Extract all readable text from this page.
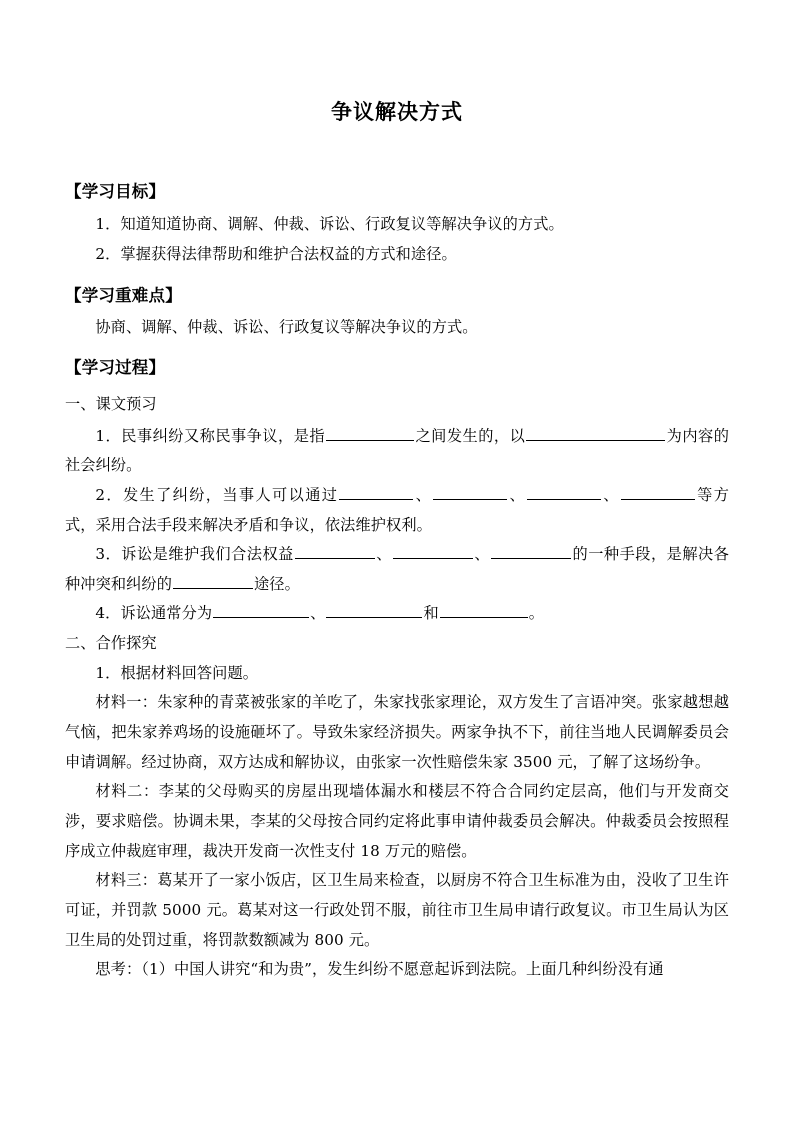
争议解决方式
【学习目标】

1．知道知道协商、调解、仲裁、诉讼、行政复议等解决争议的方式。

2．掌握获得法律帮助和维护合法权益的方式和途径。

【学习重难点】

协商、调解、仲裁、诉讼、行政复议等解决争议的方式。

【学习过程】

一、课文预习

1．民事纠纷又称民事争议，是指	之间发生的，以	为内容的社会纠纷。

2．发生了纠纷，当事人可以通过	、	、	、	等方式，采用合法手段来解决矛盾和争议，依法维护权利。

3．诉讼是维护我们合法权益	、	、	的一种手段，是解决各种冲突和纠纷的	途径。

4．诉讼通常分为	、	和	。

二、合作探究

1．根据材料回答问题。

材料一：朱家种的青菜被张家的羊吃了，朱家找张家理论，双方发生了言语冲突。张家越想越气恼，把朱家养鸡场的设施砸坏了。导致朱家经济损失。两家争执不下，前往当地人民调解委员会申请调解。经过协商，双方达成和解协议，由张家一次性赔偿朱家 3500 元，了解了这场纷争。

材料二：李某的父母购买的房屋出现墙体漏水和楼层不符合合同约定层高，他们与开发商交涉，要求赔偿。协调未果，李某的父母按合同约定将此事申请仲裁委员会解决。仲裁委员会按照程序成立仲裁庭审理，裁决开发商一次性支付 18 万元的赔偿。

材料三：葛某开了一家小饭店，区卫生局来检查，以厨房不符合卫生标准为由，没收了卫生许可证，并罚款 5000 元。葛某对这一行政处罚不服，前往市卫生局申请行政复议。市卫生局认为区卫生局的处罚过重，将罚款数额减为 800 元。

思考：（1）中国人讲究“和为贵”，发生纠纷不愿意起诉到法院。上面几种纠纷没有通
